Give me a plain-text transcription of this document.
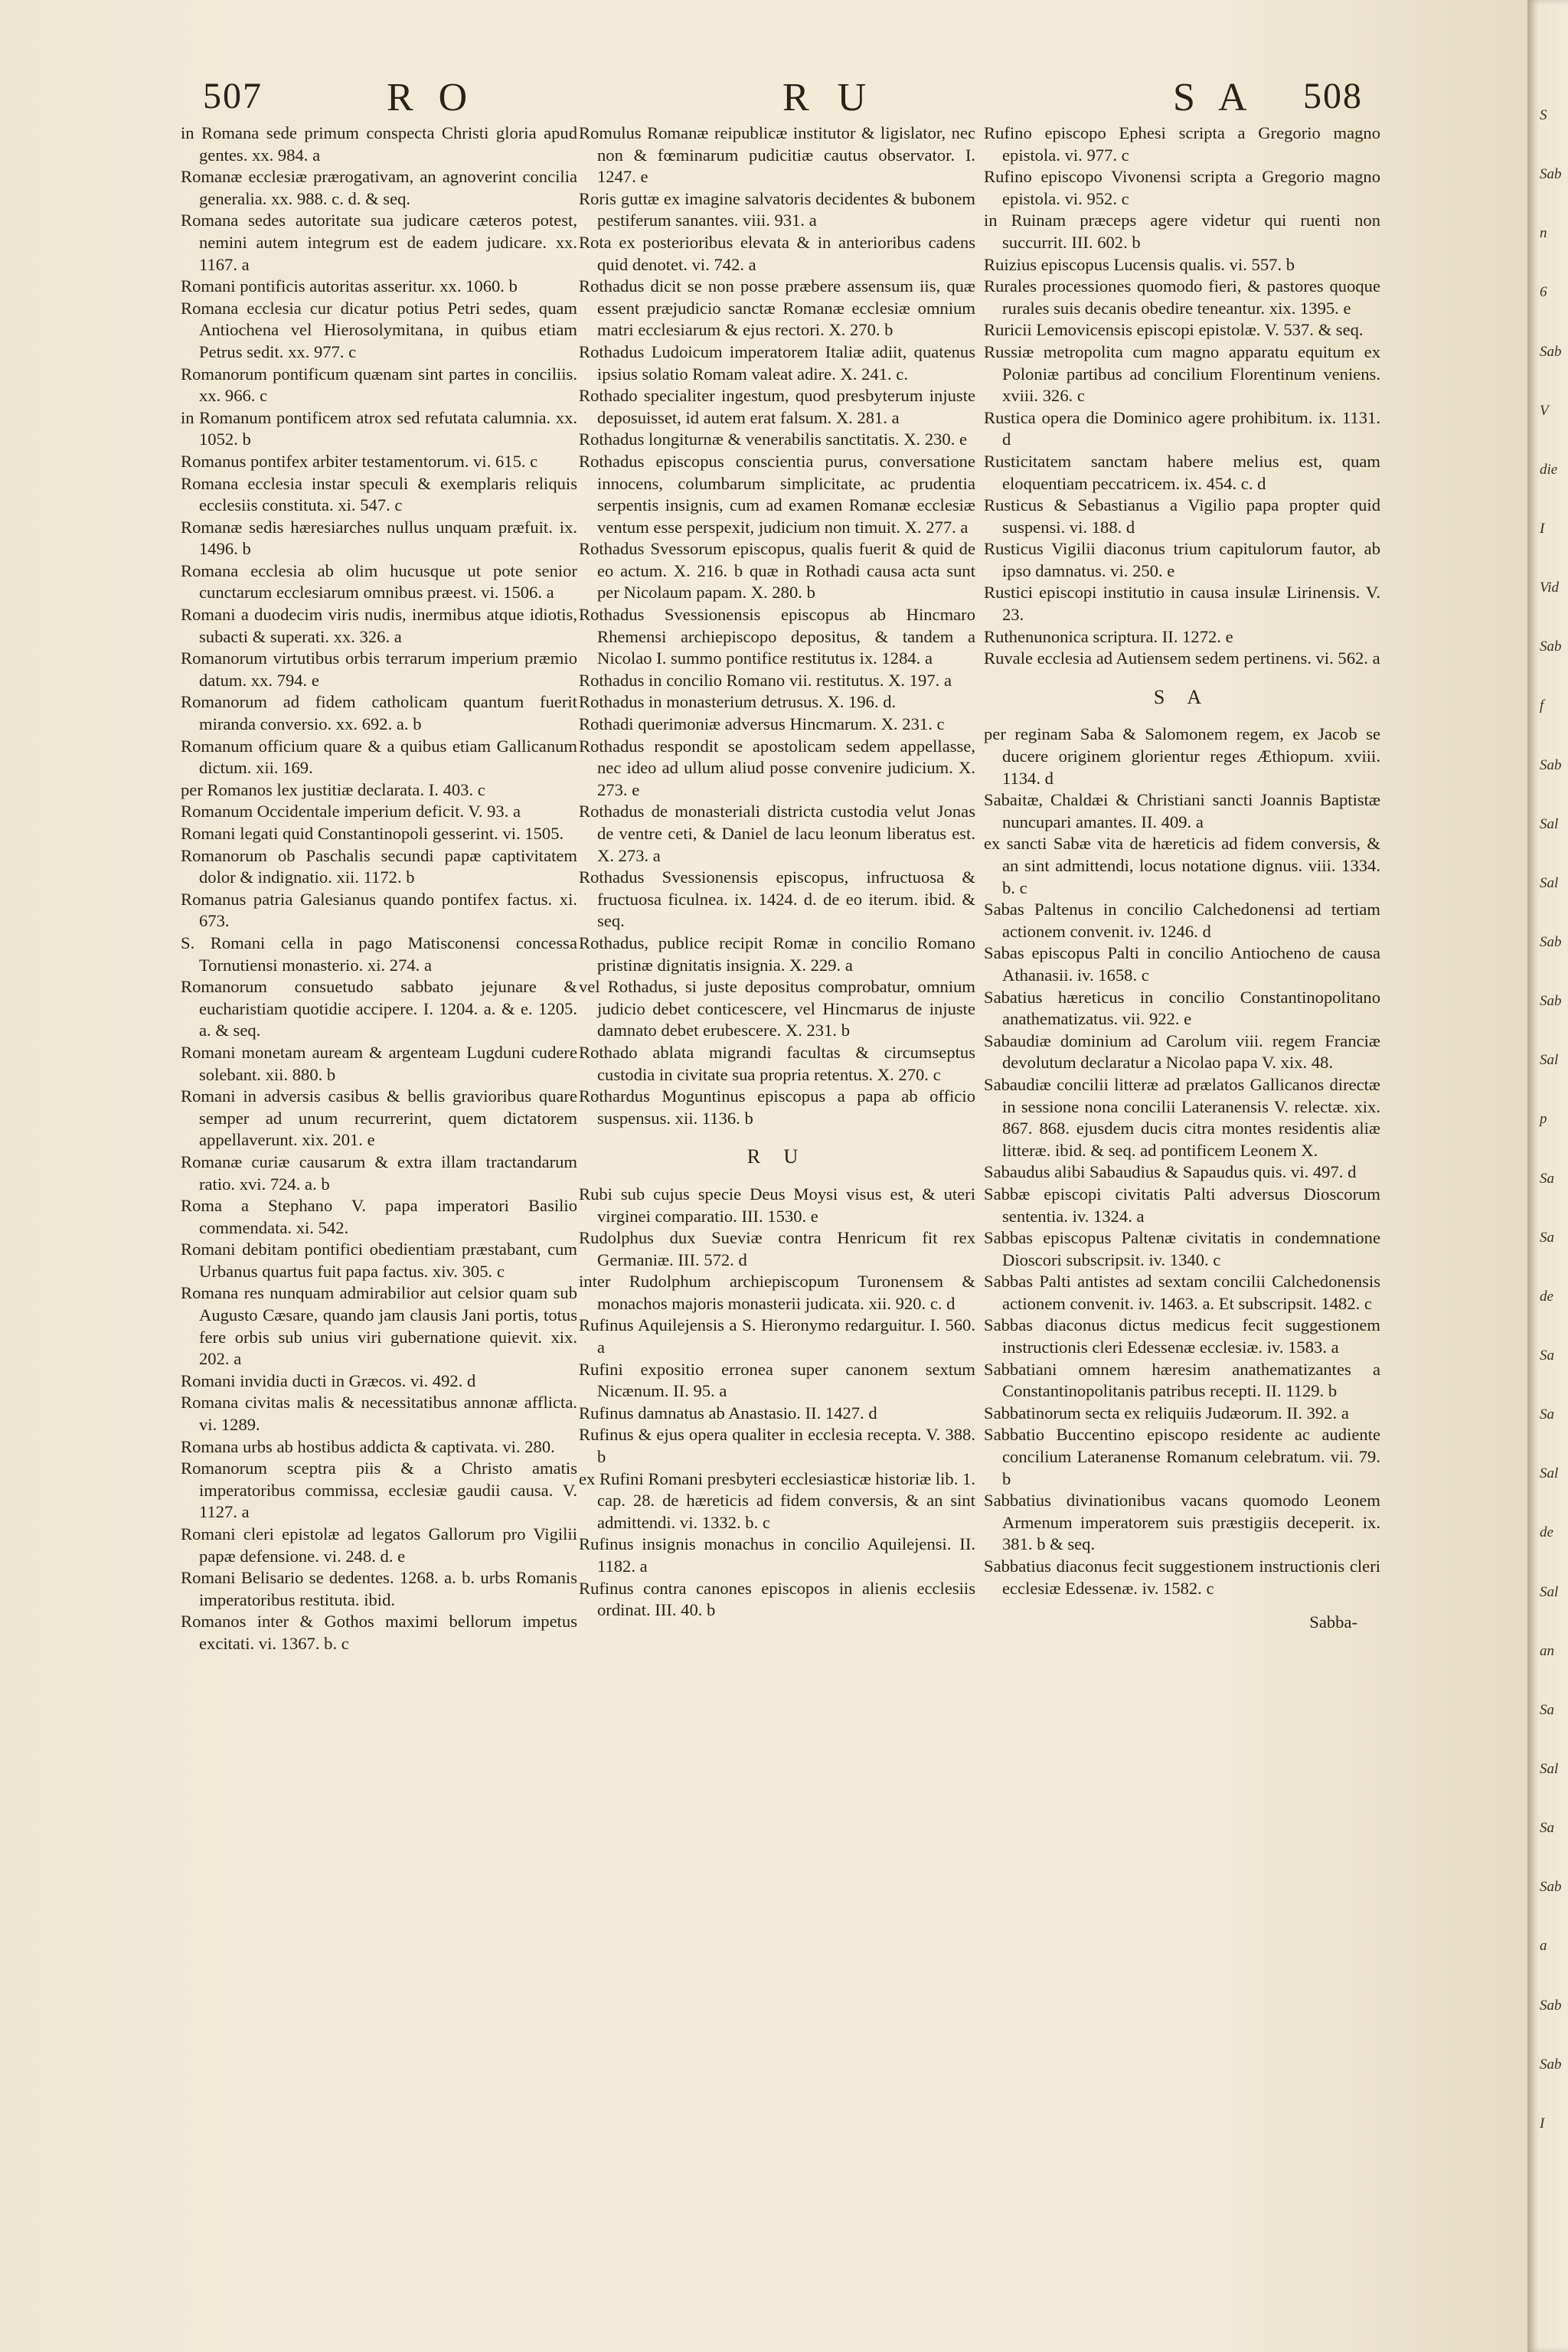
507	R O	R U	S A 508

in Romana sede primum conspecta Christi gloria apud gentes. xx. 984. a

Romanæ ecclesiæ prærogativam, an agnoverint concilia generalia. xx. 988. c. d. & seq.

Romana sedes autoritate sua judicare cæteros potest, nemini autem integrum est de eadem judicare. xx. 1167. a

Romani pontificis autoritas asseritur. xx. 1060. b

Romana ecclesia cur dicatur potius Petri sedes, quam Antiochena vel Hierosolymitana, in quibus etiam Petrus sedit. xx. 977. c

Romanorum pontificum quænam sint partes in conciliis. xx. 966. c

in Romanum pontificem atrox sed refutata calumnia. xx. 1052. b

Romanus pontifex arbiter testamentorum. vi. 615. c

Romana ecclesia instar speculi & exemplaris reliquis ecclesiis constituta. xi. 547. c

Romanæ sedis hæresiarches nullus unquam præfuit. ix. 1496. b

Romana ecclesia ab olim hucusque ut pote senior cunctarum ecclesiarum omnibus præest. vi. 1506. a

Romani a duodecim viris nudis, inermibus atque idiotis, subacti & superati. xx. 326. a

Romanorum virtutibus orbis terrarum imperium præmio datum. xx. 794. e

Romanorum ad fidem catholicam quantum fuerit miranda conversio. xx. 692. a. b

Romanum officium quare & a quibus etiam Gallicanum dictum. xii. 169.

per Romanos lex justitiæ declarata. I. 403. c

Romanum Occidentale imperium deficit. V. 93. a

Romani legati quid Constantinopoli gesserint. vi. 1505.

Romanorum ob Paschalis secundi papæ captivitatem dolor & indignatio. xii. 1172. b

Romanus patria Galesianus quando pontifex factus. xi. 673.

S. Romani cella in pago Matisconensi concessa Tornutiensi monasterio. xi. 274. a

Romanorum consuetudo sabbato jejunare & eucharistiam quotidie accipere. I. 1204. a. & e. 1205. a. & seq.

Romani monetam auream & argenteam Lugduni cudere solebant. xii. 880. b

Romani in adversis casibus & bellis gravioribus quare semper ad unum recurrerint, quem dictatorem appellaverunt. xix. 201. e

Romanæ curiæ causarum & extra illam tractandarum ratio. xvi. 724. a. b

Roma a Stephano V. papa imperatori Basilio commendata. xi. 542.

Romani debitam pontifici obedientiam præstabant, cum Urbanus quartus fuit papa factus. xiv. 305. c

Romana res nunquam admirabilior aut celsior quam sub Augusto Cæsare, quando jam clausis Jani portis, totus fere orbis sub unius viri gubernatione quievit. xix. 202. a

Romani invidia ducti in Græcos. vi. 492. d

Romana civitas malis & necessitatibus annonæ afflicta. vi. 1289.

Romana urbs ab hostibus addicta & captivata. vi. 280.

Romanorum sceptra piis & a Christo amatis imperatoribus commissa, ecclesiæ gaudii causa. V. 1127. a

Romani cleri epistolæ ad legatos Gallorum pro Vigilii papæ defensione. vi. 248. d. e

Romani Belisario se dedentes. 1268. a. b. urbs Romanis imperatoribus restituta. ibid.

Romanos inter & Gothos maximi bellorum impetus excitati. vi. 1367. b. c

Romulus Romanæ reipublicæ institutor & ligislator, nec non & fœminarum pudicitiæ cautus observator. I. 1247. e

Roris guttæ ex imagine salvatoris decidentes & bubonem pestiferum sanantes. viii. 931. a

Rota ex posterioribus elevata & in anterioribus cadens quid denotet. vi. 742. a

Rothadus dicit se non posse præbere assensum iis, quæ essent præjudicio sanctæ Romanæ ecclesiæ omnium matri ecclesiarum & ejus rectori. X. 270. b

Rothadus Ludoicum imperatorem Italiæ adiit, quatenus ipsius solatio Romam valeat adire. X. 241. c.

Rothado specialiter ingestum, quod presbyterum injuste deposuisset, id autem erat falsum. X. 281. a

Rothadus longiturnæ & venerabilis sanctitatis. X. 230. e

Rothadus episcopus conscientia purus, conversatione innocens, columbarum simplicitate, ac prudentia serpentis insignis, cum ad examen Romanæ ecclesiæ ventum esse perspexit, judicium non timuit. X. 277. a

Rothadus Svessorum episcopus, qualis fuerit & quid de eo actum. X. 216. b quæ in Rothadi causa acta sunt per Nicolaum papam. X. 280. b

Rothadus Svessionensis episcopus ab Hincmaro Rhemensi archiepiscopo depositus, & tandem a Nicolao I. summo pontifice restitutus ix. 1284. a

Rothadus in concilio Romano vii. restitutus. X. 197. a

Rothadus in monasterium detrusus. X. 196. d.

Rothadi querimoniæ adversus Hincmarum. X. 231. c

Rothadus respondit se apostolicam sedem appellasse, nec ideo ad ullum aliud posse convenire judicium. X. 273. e

Rothadus de monasteriali districta custodia velut Jonas de ventre ceti, & Daniel de lacu leonum liberatus est. X. 273. a

Rothadus Svessionensis episcopus, infructuosa & fructuosa ficulnea. ix. 1424. d. de eo iterum. ibid. & seq.

Rothadus, publice recipit Romæ in concilio Romano pristinæ dignitatis insignia. X. 229. a

vel Rothadus, si juste depositus comprobatur, omnium judicio debet conticescere, vel Hincmarus de injuste damnato debet erubescere. X. 231. b

Rothado ablata migrandi facultas & circumseptus custodia in civitate sua propria retentus. X. 270. c

Rothardus Moguntinus episcopus a papa ab officio suspensus. xii. 1136. b

R U

Rubi sub cujus specie Deus Moysi visus est, & uteri virginei comparatio. III. 1530. e

Rudolphus dux Sueviæ contra Henricum fit rex Germaniæ. III. 572. d

inter Rudolphum archiepiscopum Turonensem & monachos majoris monasterii judicata. xii. 920. c. d

Rufinus Aquilejensis a S. Hieronymo redarguitur. I. 560. a

Rufini expositio erronea super canonem sextum Nicænum. II. 95. a

Rufinus damnatus ab Anastasio. II. 1427. d

Rufinus & ejus opera qualiter in ecclesia recepta. V. 388. b

ex Rufini Romani presbyteri ecclesiasticæ historiæ lib. 1. cap. 28. de hæreticis ad fidem conversis, & an sint admittendi. vi. 1332. b. c

Rufinus insignis monachus in concilio Aquilejensi. II. 1182. a

Rufinus contra canones episcopos in alienis ecclesiis ordinat. III. 40. b

Rufino episcopo Ephesi scripta a Gregorio magno epistola. vi. 977. c

Rufino episcopo Vivonensi scripta a Gregorio magno epistola. vi. 952. c

in Ruinam præceps agere videtur qui ruenti non succurrit. III. 602. b

Ruizius episcopus Lucensis qualis. vi. 557. b

Rurales processiones quomodo fieri, & pastores quoque rurales suis decanis obedire teneantur. xix. 1395. e

Ruricii Lemovicensis episcopi epistolæ. V. 537. & seq.

Russiæ metropolita cum magno apparatu equitum ex Poloniæ partibus ad concilium Florentinum veniens. xviii. 326. c

Rustica opera die Dominico agere prohibitum. ix. 1131. d

Rusticitatem sanctam habere melius est, quam eloquentiam peccatricem. ix. 454. c. d

Rusticus & Sebastianus a Vigilio papa propter quid suspensi. vi. 188. d

Rusticus Vigilii diaconus trium capitulorum fautor, ab ipso damnatus. vi. 250. e

Rustici episcopi institutio in causa insulæ Lirinensis. V. 23.

Ruthenunonica scriptura. II. 1272. e

Ruvale ecclesia ad Autiensem sedem pertinens. vi. 562. a

S A

per reginam Saba & Salomonem regem, ex Jacob se ducere originem glorientur reges Æthiopum. xviii. 1134. d

Sabaitæ, Chaldæi & Christiani sancti Joannis Baptistæ nuncupari amantes. II. 409. a

ex sancti Sabæ vita de hæreticis ad fidem conversis, & an sint admittendi, locus notatione dignus. viii. 1334. b. c

Sabas Paltenus in concilio Calchedonensi ad tertiam actionem convenit. iv. 1246. d

Sabas episcopus Palti in concilio Antiocheno de causa Athanasii. iv. 1658. c

Sabatius hæreticus in concilio Constantinopolitano anathematizatus. vii. 922. e

Sabaudiæ dominium ad Carolum viii. regem Franciæ devolutum declaratur a Nicolao papa V. xix. 48.

Sabaudiæ concilii litteræ ad prælatos Gallicanos directæ in sessione nona concilii Lateranensis V. relectæ. xix. 867. 868. ejusdem ducis citra montes residentis aliæ litteræ. ibid. & seq. ad pontificem Leonem X.

Sabaudus alibi Sabaudius & Sapaudus quis. vi. 497. d

Sabbæ episcopi civitatis Palti adversus Dioscorum sententia. iv. 1324. a

Sabbas episcopus Paltenæ civitatis in condemnatione Dioscori subscripsit. iv. 1340. c

Sabbas Palti antistes ad sextam concilii Calchedonensis actionem convenit. iv. 1463. a. Et subscripsit. 1482. c

Sabbas diaconus dictus medicus fecit suggestionem instructionis cleri Edessenæ ecclesiæ. iv. 1583. a

Sabbatiani omnem hæresim anathematizantes a Constantinopolitanis patribus recepti. II. 1129. b

Sabbatinorum secta ex reliquiis Judæorum. II. 392. a

Sabbatio Buccentino episcopo residente ac audiente concilium Lateranense Romanum celebratum. vii. 79. b

Sabbatius divinationibus vacans quomodo Leonem Armenum imperatorem suis præstigiis deceperit. ix. 381. b & seq.

Sabbatius diaconus fecit suggestionem instructionis cleri ecclesiæ Edessenæ. iv. 1582. c

Sabba-
S
Sab
n
6
Sab
V
die
I
Vid
Sab
f
Sab
Sal
Sal
Sab
Sab
Sal
p
Sa
Sa
de
Sa
Sa
Sal
de
Sal
an
Sa
Sal
Sa
Sab
a
Sab
Sab
I
